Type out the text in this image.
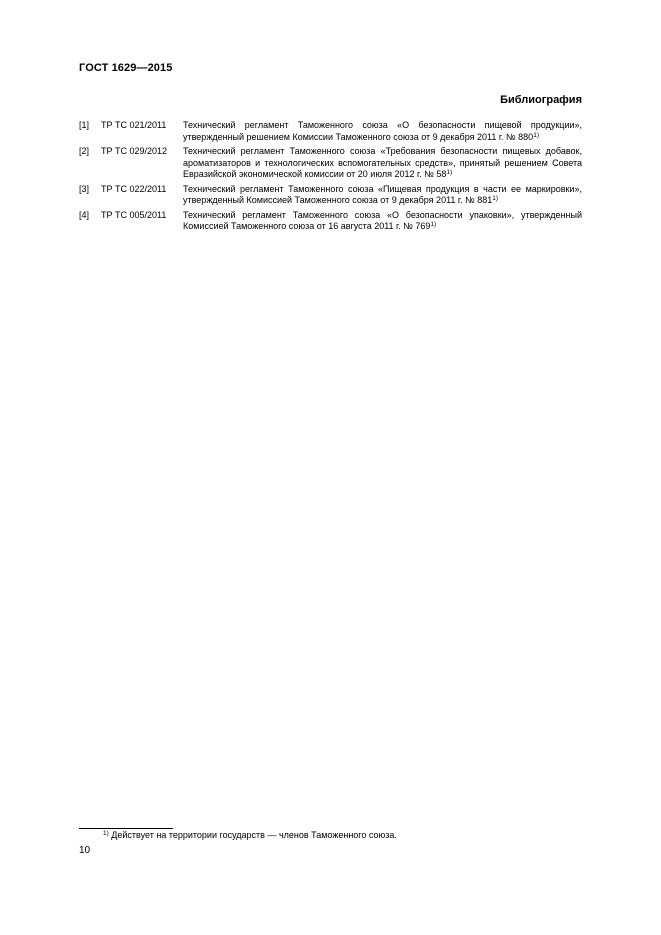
ГОСТ 1629—2015
Библиография
[1]	ТР ТС 021/2011	Технический регламент Таможенного союза «О безопасности пищевой продукции», утвержденный решением Комиссии Таможенного союза от 9 декабря 2011 г. № 880$^{1)}$
[2]	ТР ТС 029/2012	Технический регламент Таможенного союза «Требования безопасности пищевых добавок, ароматизаторов и технологических вспомогательных средств», принятый решением Совета Евразийской экономической комиссии от 20 июля 2012 г. № 58$^{1)}$
[3]	ТР ТС 022/2011	Технический регламент Таможенного союза «Пищевая продукция в части ее маркировки», утвержденный Комиссией Таможенного союза от 9 декабря 2011 г. № 881$^{1)}$
[4]	ТР ТС 005/2011	Технический регламент Таможенного союза «О безопасности упаковки», утвержденный Комиссией Таможенного союза от 16 августа 2011 г. № 769$^{1)}$
$^{1)}$ Действует на территории государств — членов Таможенного союза.
10
